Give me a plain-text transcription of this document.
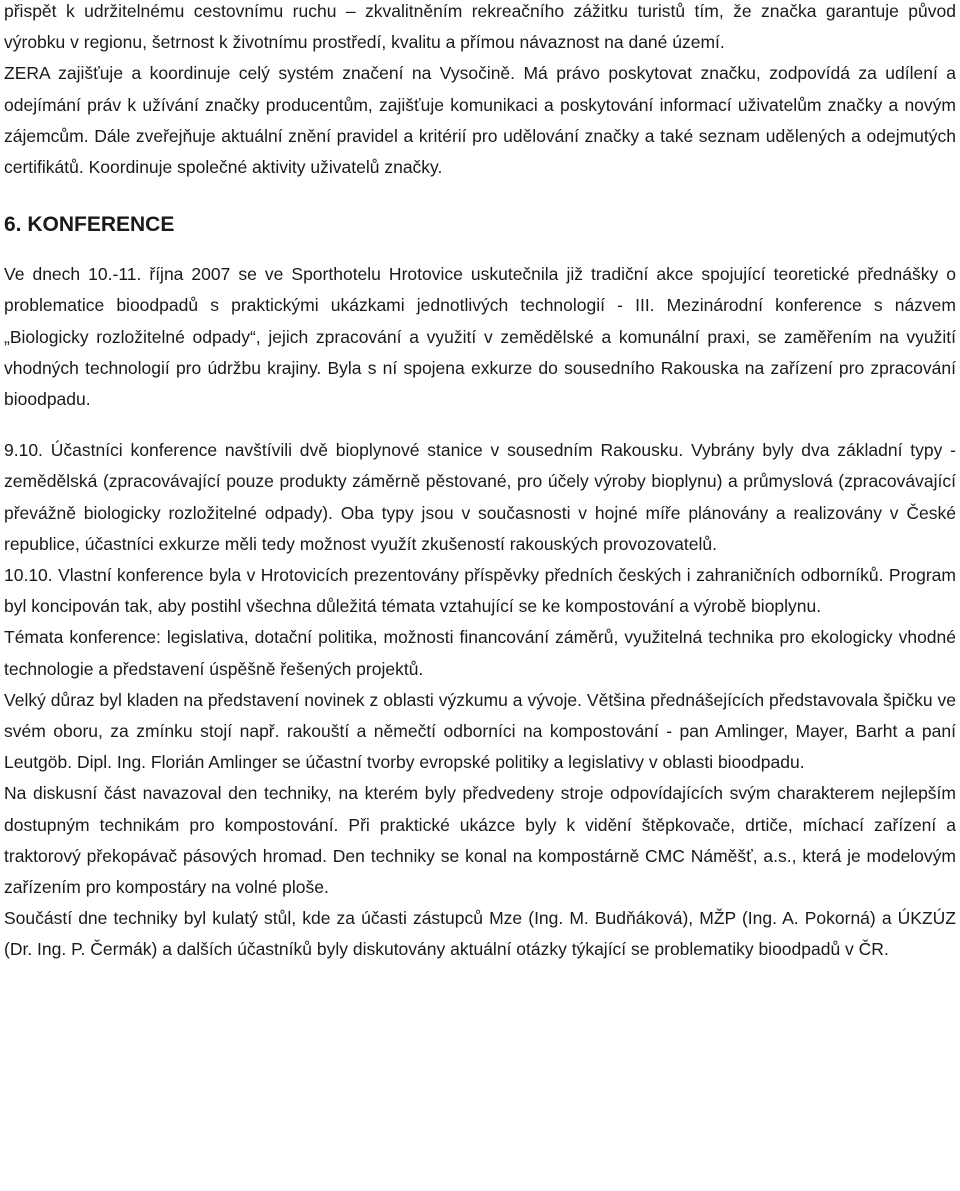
přispět k udržitelnému cestovnímu ruchu – zkvalitněním rekreačního zážitku turistů tím, že značka garantuje původ výrobku v regionu, šetrnost k životnímu prostředí, kvalitu a přímou návaznost na dané území.

ZERA zajišťuje a koordinuje celý systém značení na Vysočině. Má právo poskytovat značku, zodpovídá za udílení a odejímání práv k užívání značky producentům, zajišťuje komunikaci a poskytování informací uživatelům značky a novým zájemcům. Dále zveřejňuje aktuální znění pravidel a kritérií pro udělování značky a také seznam udělených a odejmutých certifikátů. Koordinuje společné aktivity uživatelů značky.

6. KONFERENCE

Ve dnech 10.-11. října 2007 se ve Sporthotelu Hrotovice uskutečnila již tradiční akce spojující teoretické přednášky o problematice bioodpadů s praktickými ukázkami jednotlivých technologií - III. Mezinárodní konference s názvem „Biologicky rozložitelné odpady“, jejich zpracování a využití v zemědělské a komunální praxi, se zaměřením na využití vhodných technologií pro údržbu krajiny. Byla s ní spojena exkurze do sousedního Rakouska na zařízení pro zpracování bioodpadu.

9.10. Účastníci konference navštívili dvě bioplynové stanice v sousedním Rakousku. Vybrány byly dva základní typy - zemědělská (zpracovávající pouze produkty záměrně pěstované, pro účely výroby bioplynu) a průmyslová (zpracovávající převážně biologicky rozložitelné odpady). Oba typy jsou v současnosti v hojné míře plánovány a realizovány v České republice, účastníci exkurze měli tedy možnost využít zkušeností rakouských provozovatelů.

10.10. Vlastní konference byla v Hrotovicích prezentovány příspěvky předních českých i zahraničních odborníků. Program byl koncipován tak, aby postihl všechna důležitá témata vztahující se ke kompostování a výrobě bioplynu.

Témata konference: legislativa, dotační politika, možnosti financování záměrů, využitelná technika pro ekologicky vhodné technologie a představení úspěšně řešených projektů.

Velký důraz byl kladen na představení novinek z oblasti výzkumu a vývoje. Většina přednášejících představovala špičku ve svém oboru, za zmínku stojí např. rakouští a němečtí odborníci na kompostování - pan Amlinger, Mayer, Barht a paní Leutgöb. Dipl. Ing. Florián Amlinger se účastní tvorby evropské politiky a legislativy v oblasti bioodpadu.

Na diskusní část navazoval den techniky, na kterém byly předvedeny stroje odpovídajících svým charakterem nejlepším dostupným technikám pro kompostování. Při praktické ukázce byly k vidění štěpkovače, drtiče, míchací zařízení a traktorový překopávač pásových hromad. Den techniky se konal na kompostárně CMC Náměšť, a.s., která je modelovým zařízením pro kompostáry na volné ploše.

Součástí dne techniky byl kulatý stůl, kde za účasti zástupců Mze (Ing. M. Budňáková), MŽP (Ing. A. Pokorná) a ÚKZÚZ (Dr. Ing. P. Čermák) a dalších účastníků byly diskutovány aktuální otázky týkající se problematiky bioodpadů v ČR.
